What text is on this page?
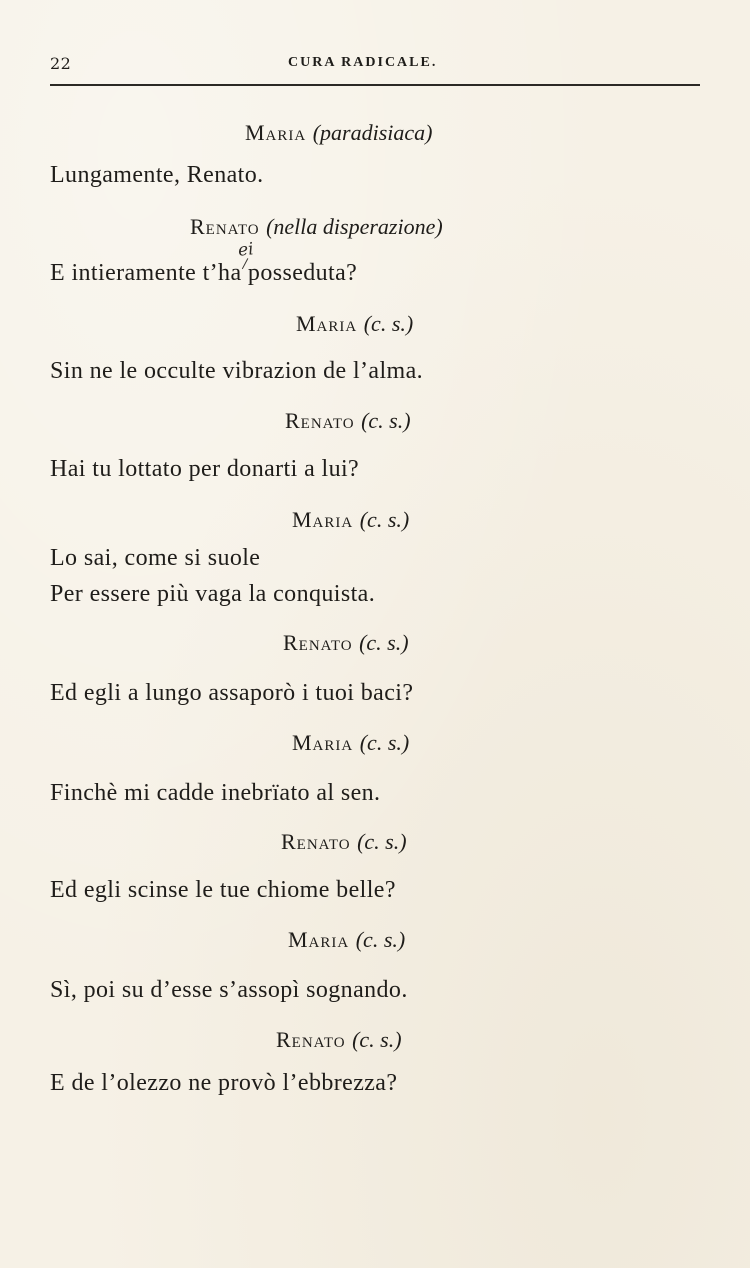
22	CURA RADICALE.
Maria (paradisiaca)
Lungamente, Renato.
Renato (nella disperazione)
ei
E intieramente t’ha posseduta?
Maria (c. s.)
Sin ne le occulte vibrazion de l’alma.
Renato (c. s.)
Hai tu lottato per donarti a lui?
Maria (c. s.)
Lo sai, come si suole
Per essere più vaga la conquista.
Renato (c. s.)
Ed egli a lungo assaporò i tuoi baci?
Maria (c. s.)
Finchè mi cadde inebrïato al sen.
Renato (c. s.)
Ed egli scinse le tue chiome belle?
Maria (c. s.)
Sì, poi su d’esse s’assopì sognando.
Renato (c. s.)
E de l’olezzo ne provò l’ebbrezza?
